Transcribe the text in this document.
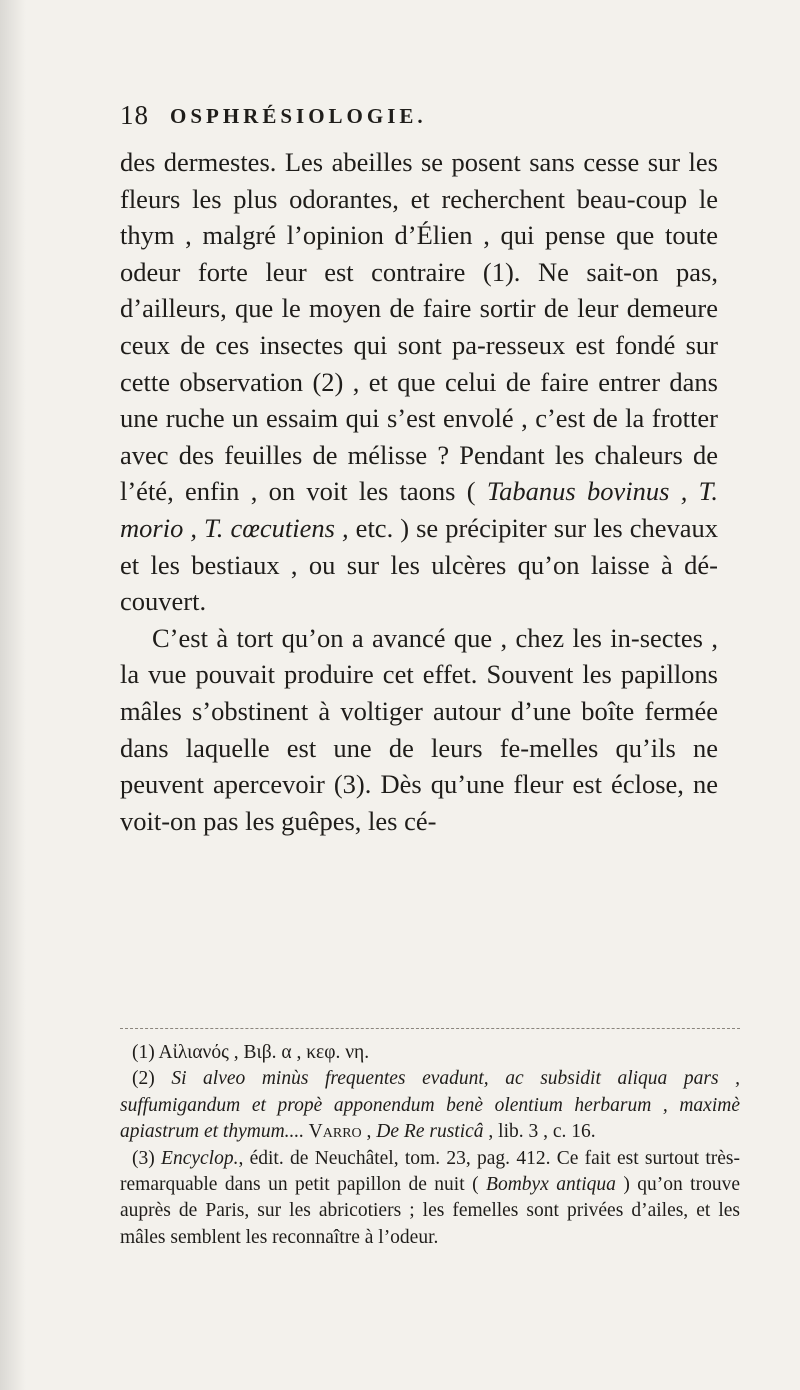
18 OSPHRÉSIOLOGIE.

des dermestes. Les abeilles se posent sans cesse sur les fleurs les plus odorantes, et recherchent beau-coup le thym , malgré l’opinion d’Élien , qui pense que toute odeur forte leur est contraire (1). Ne sait-on pas, d’ailleurs, que le moyen de faire sortir de leur demeure ceux de ces insectes qui sont pa-resseux est fondé sur cette observation (2) , et que celui de faire entrer dans une ruche un essaim qui s’est envolé , c’est de la frotter avec des feuilles de mélisse ? Pendant les chaleurs de l’été, enfin , on voit les taons ( Tabanus bovinus , T. morio , T. cœcutiens , etc. ) se précipiter sur les chevaux et les bestiaux , ou sur les ulcères qu’on laisse à dé-couvert.

C’est à tort qu’on a avancé que , chez les in-sectes , la vue pouvait produire cet effet. Souvent les papillons mâles s’obstinent à voltiger autour d’une boîte fermée dans laquelle est une de leurs fe-melles qu’ils ne peuvent apercevoir (3). Dès qu’une fleur est éclose, ne voit-on pas les guêpes, les cé-

(1) Αἰλιανός , Βιβ. α , κεφ. νη.

(2) Si alveo minùs frequentes evadunt, ac subsidit aliqua pars , suffumigandum et propè apponendum benè olentium herbarum , maximè apiastrum et thymum.... Varro , De Re rusticâ , lib. 3 , c. 16.

(3) Encyclop., édit. de Neuchâtel, tom. 23, pag. 412. Ce fait est surtout très-remarquable dans un petit papillon de nuit ( Bombyx antiqua ) qu’on trouve auprès de Paris, sur les abricotiers ; les femelles sont privées d’ailes, et les mâles semblent les reconnaître à l’odeur.
